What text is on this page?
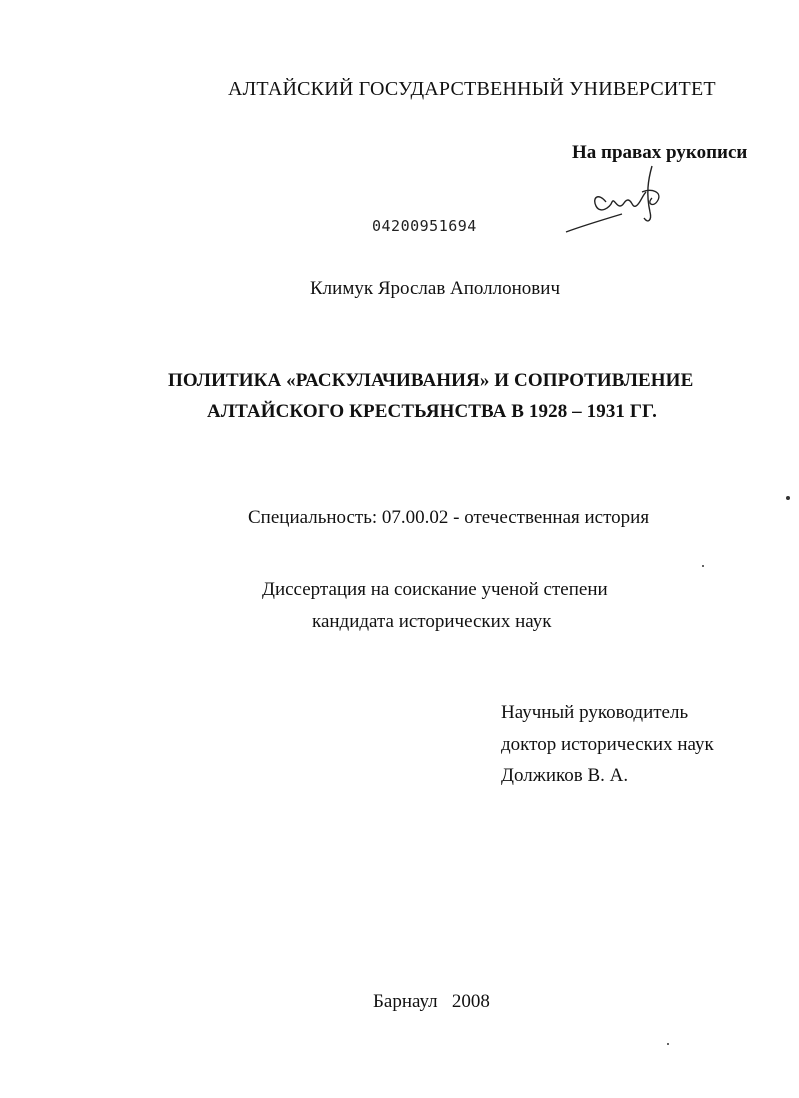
АЛТАЙСКИЙ ГОСУДАРСТВЕННЫЙ УНИВЕРСИТЕТ
На правах рукописи
04200951694
Климук Ярослав Аполлонович
ПОЛИТИКА «РАСКУЛАЧИВАНИЯ» И СОПРОТИВЛЕНИЕ
АЛТАЙСКОГО КРЕСТЬЯНСТВА В 1928 – 1931 ГГ.
Специальность: 07.00.02 - отечественная история
Диссертация на соискание ученой степени
кандидата исторических наук
Научный руководитель
доктор исторических наук
Должиков В. А.
Барнаул   2008
